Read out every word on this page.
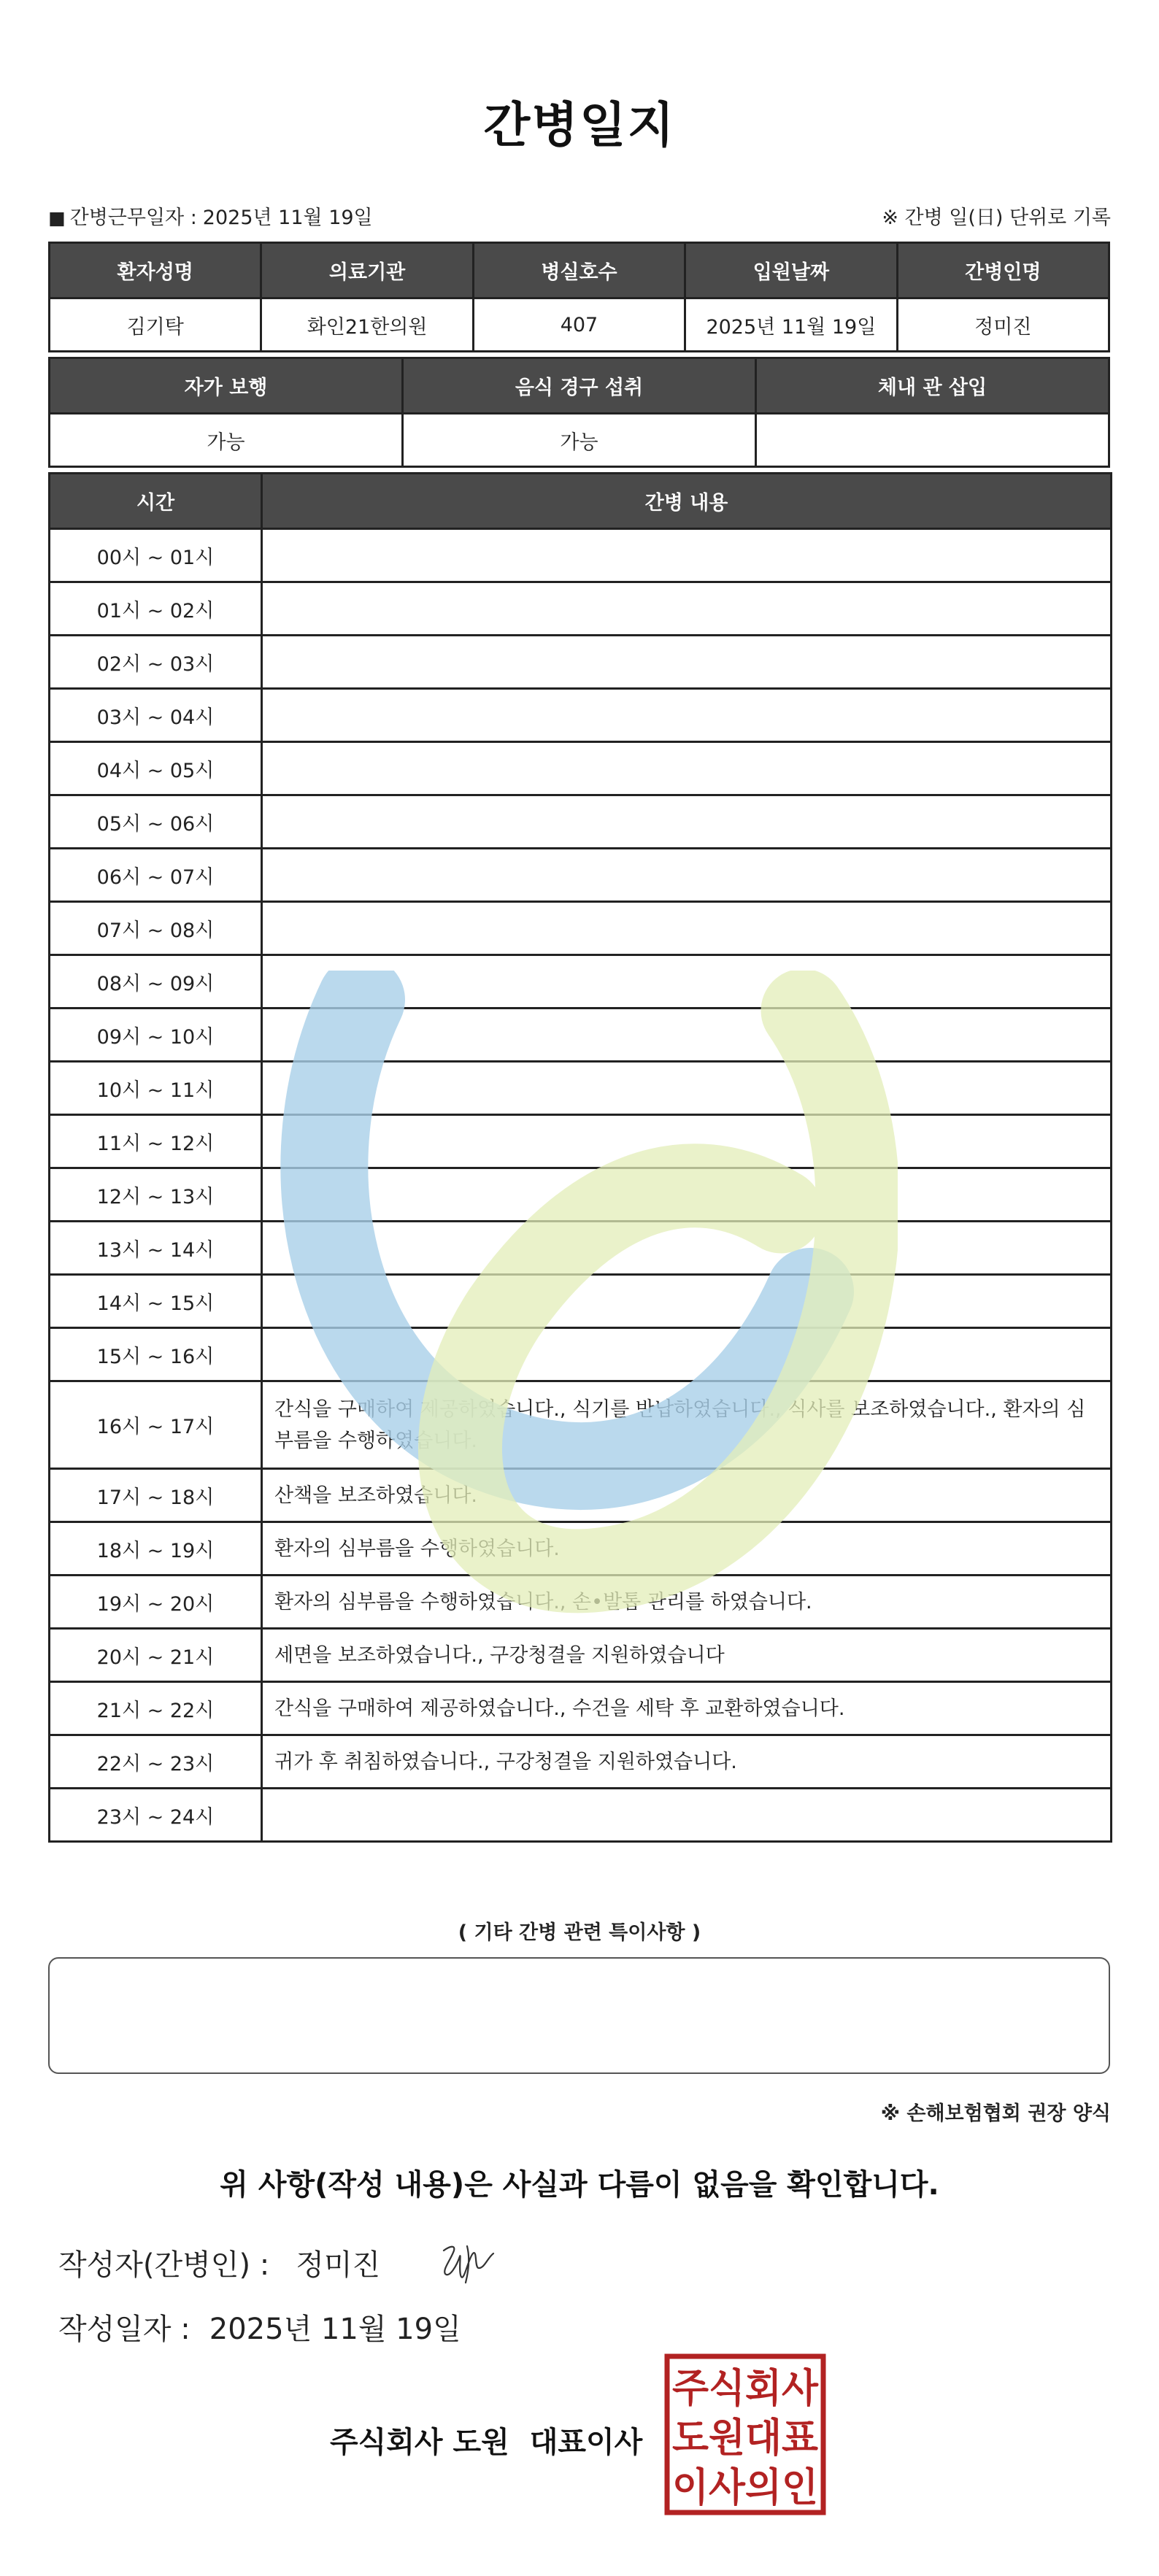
간병일지
■ 간병근무일자 : 2025년 11월 19일	※ 간병 일(日) 단위로 기록
환자성명	의료기관	병실호수	입원날짜	간병인명
김기탁	화인21한의원	407	2025년 11월 19일	정미진
자가 보행	음식 경구 섭취	체내 관 삽입
가능	가능	
시간	간병 내용
00시 ~ 01시	
01시 ~ 02시	
02시 ~ 03시	
03시 ~ 04시	
04시 ~ 05시	
05시 ~ 06시	
06시 ~ 07시	
07시 ~ 08시	
08시 ~ 09시	
09시 ~ 10시	
10시 ~ 11시	
11시 ~ 12시	
12시 ~ 13시	
13시 ~ 14시	
14시 ~ 15시	
15시 ~ 16시	
16시 ~ 17시	간식을 구매하여 제공하였습니다., 식기를 반납하였습니다., 식사를 보조하였습니다., 환자의 심부름을 수행하였습니다.
17시 ~ 18시	산책을 보조하였습니다.
18시 ~ 19시	환자의 심부름을 수행하였습니다.
19시 ~ 20시	환자의 심부름을 수행하였습니다., 손•발톱 관리를 하였습니다.
20시 ~ 21시	세면을 보조하였습니다., 구강청결을 지원하였습니다
21시 ~ 22시	간식을 구매하여 제공하였습니다., 수건을 세탁 후 교환하였습니다.
22시 ~ 23시	귀가 후 취침하였습니다., 구강청결을 지원하였습니다.
23시 ~ 24시	
( 기타 간병 관련 특이사항 )
※ 손해보험협회 권장 양식
위 사항(작성 내용)은 사실과 다름이 없음을 확인합니다.
작성자(간병인) : 정미진
작성일자 : 2025년 11월 19일
주식회사 도원 대표이사
주식회사
도원대표
이사의인
